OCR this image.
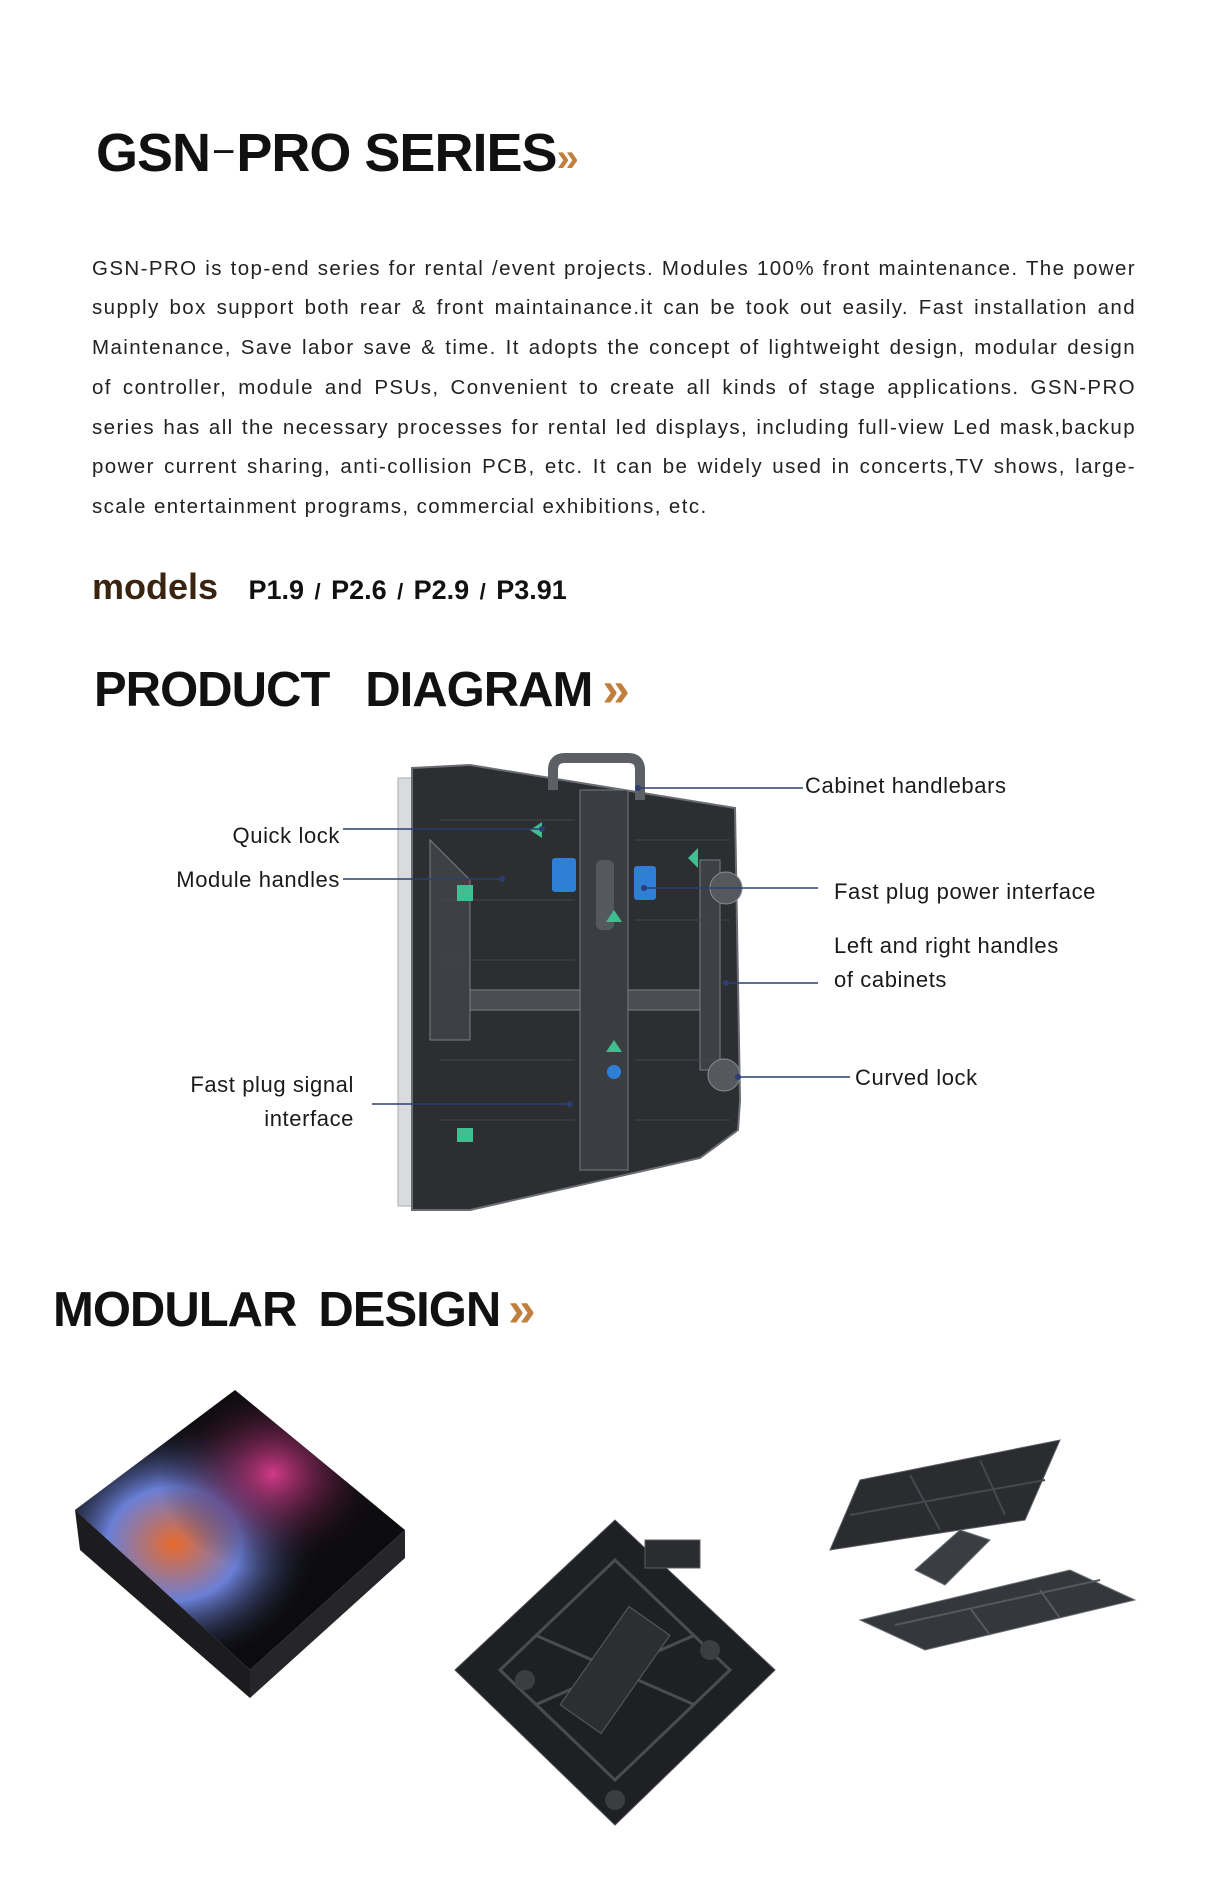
GSN−PRO SERIES»

GSN-PRO is top-end series for rental /event projects. Modules 100% front maintenance. The power supply box support both rear & front maintainance.it can be took out easily. Fast installation and Maintenance, Save labor save & time. It adopts the concept of lightweight design, modular design of controller, module and PSUs, Convenient to create all kinds of stage applications. GSN-PRO series has all the necessary processes for rental led displays, including full-view Led mask,backup power current sharing, anti-collision PCB, etc. It can be widely used in concerts,TV shows, large-scale entertainment programs, commercial exhibitions, etc.

models P1.9 / P2.6 / P2.9 / P3.91
PRODUCT DIAGRAM »
Cabinet handlebars
Quick lock
Module handles	Fast plug power interface
Left and right handles
of cabinets
Fast plug signal
interface
Curved lock
MODULAR DESIGN »
